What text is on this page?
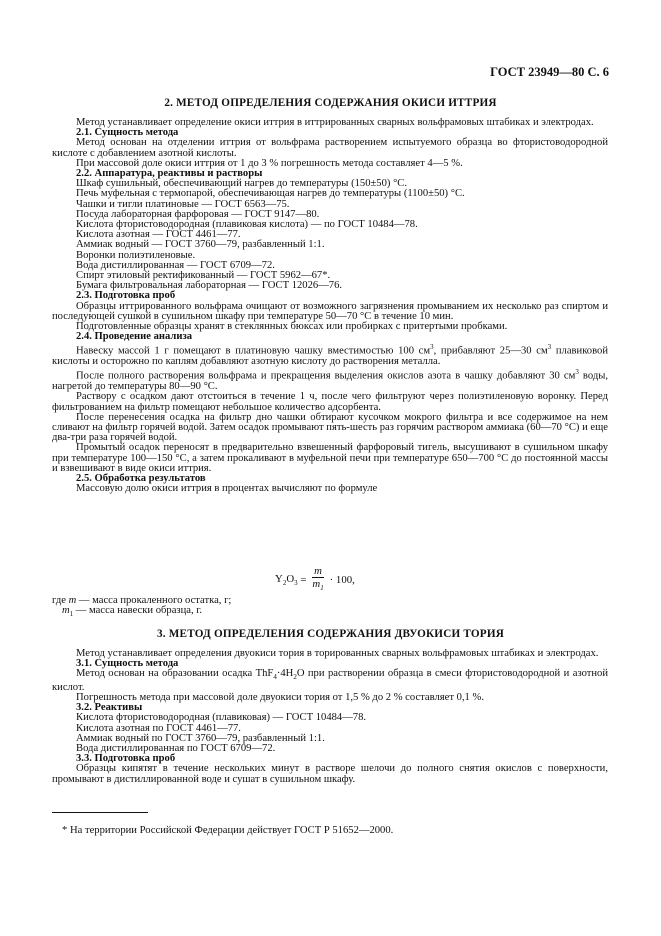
ГОСТ 23949—80 С. 6
2. МЕТОД ОПРЕДЕЛЕНИЯ СОДЕРЖАНИЯ ОКИСИ ИТТРИЯ

Метод устанавливает определение окиси иттрия в иттрированных сварных вольфрамовых штабиках и электродах.

2.1. Сущность метода

Метод основан на отделении иттрия от вольфрама растворением испытуемого образца во фтористоводородной кислоте с добавлением азотной кислоты.

При массовой доле окиси иттрия от 1 до 3 % погрешность метода составляет 4—5 %.

2.2. Аппаратура, реактивы и растворы

Шкаф сушильный, обеспечивающий нагрев до температуры (150±50) °С.

Печь муфельная с термопарой, обеспечивающая нагрев до температуры (1100±50) °С.

Чашки и тигли платиновые — ГОСТ 6563—75.

Посуда лабораторная фарфоровая — ГОСТ 9147—80.

Кислота фтористоводородная (плавиковая кислота) — по ГОСТ 10484—78.

Кислота азотная — ГОСТ 4461—77.

Аммиак водный — ГОСТ 3760—79, разбавленный 1:1.

Воронки полиэтиленовые.

Вода дистиллированная — ГОСТ 6709—72.

Спирт этиловый ректификованный — ГОСТ 5962—67*.

Бумага фильтровальная лабораторная — ГОСТ 12026—76.

2.3. Подготовка проб

Образцы иттрированного вольфрама очищают от возможного загрязнения промыванием их несколько раз спиртом и последующей сушкой в сушильном шкафу при температуре 50—70 °С в течение 10 мин.

Подготовленные образцы хранят в стеклянных бюксах или пробирках с притертыми пробками.

2.4. Проведение анализа

Навеску массой 1 г помещают в платиновую чашку вместимостью 100 $см^3$, прибавляют 25—30 $см^3$ плавиковой кислоты и осторожно по каплям добавляют азотную кислоту до растворения металла.

После полного растворения вольфрама и прекращения выделения окислов азота в чашку добавляют 30 $см^3$ воды, нагретой до температуры 80—90 °С.

Раствору с осадком дают отстоиться в течение 1 ч, после чего фильтруют через полиэтиленовую воронку. Перед фильтрованием на фильтр помещают небольшое количество адсорбента.

После перенесения осадка на фильтр дно чашки обтирают кусочком мокрого фильтра и все содержимое на нем сливают на фильтр горячей водой. Затем осадок промывают пять-шесть раз горячим раствором аммиака (60—70 °С) и еще два-три раза горячей водой.

Промытый осадок переносят в предварительно взвешенный фарфоровый тигель, высушивают в сушильном шкафу при температуре 100—150 °С, а затем прокаливают в муфельной печи при температуре 650—700 °С до постоянной массы и взвешивают в виде окиси иттрия.

2.5. Обработка результатов

Массовую долю окиси иттрия в процентах вычисляют по формуле

$Y_2O_3 = \frac{m}{m_1} \cdot 100$,

где m — масса прокаленного остатка, г;

$m_1$ — масса навески образца, г.

3. МЕТОД ОПРЕДЕЛЕНИЯ СОДЕРЖАНИЯ ДВУОКИСИ ТОРИЯ

Метод устанавливает определения двуокиси тория в торированных сварных вольфрамовых штабиках и электродах.

3.1. Сущность метода

Метод основан на образовании осадка $ThF_4\cdot 4H_2O$ при растворении образца в смеси фтористоводородной и азотной кислот.

Погрешность метода при массовой доле двуокиси тория от 1,5 % до 2 % составляет 0,1 %.

3.2. Реактивы

Кислота фтористоводородная (плавиковая) — ГОСТ 10484—78.

Кислота азотная по ГОСТ 4461—77.

Аммиак водный по ГОСТ 3760—79, разбавленный 1:1.

Вода дистиллированная по ГОСТ 6709—72.

3.3. Подготовка проб

Образцы кипятят в течение нескольких минут в растворе шелочи до полного снятия окислов с поверхности, промывают в дистиллированной воде и сушат в сушильном шкафу.

* На территории Российской Федерации действует ГОСТ Р 51652—2000.
